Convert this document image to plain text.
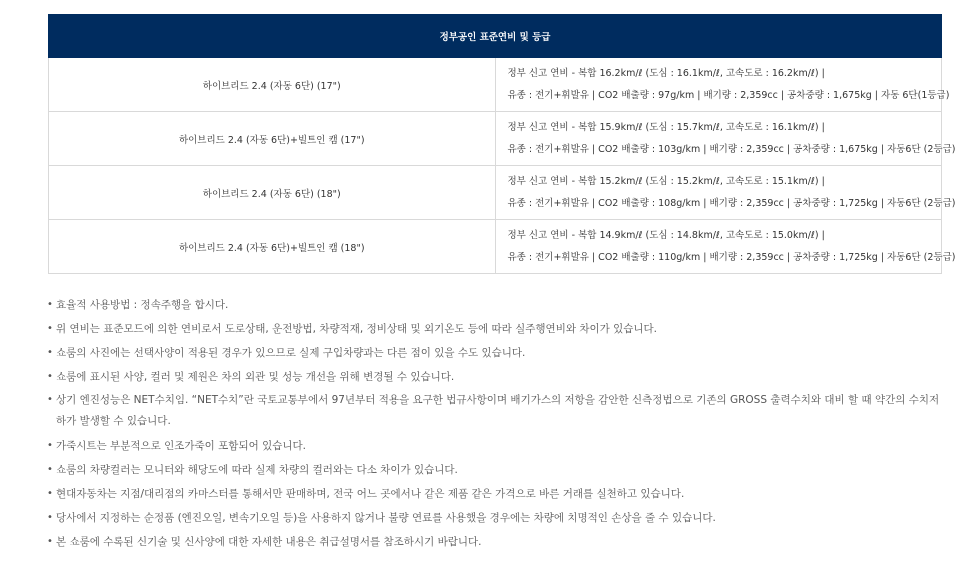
정부공인 표준연비 및 등급	
하이브리드 2.4 (자동 6단) (17")	정부 신고 연비 - 복합 16.2km/ℓ (도심 : 16.1km/ℓ, 고속도로 : 16.2km/ℓ) |
유종 : 전기+휘발유 | CO2 배출량 : 97g/km | 배기량 : 2,359cc | 공차중량 : 1,675kg | 자동 6단(1등급)

하이브리드 2.4 (자동 6단)+빌트인 캠 (17")	정부 신고 연비 - 복합 15.9km/ℓ (도심 : 15.7km/ℓ, 고속도로 : 16.1km/ℓ) |
유종 : 전기+휘발유 | CO2 배출량 : 103g/km | 배기량 : 2,359cc | 공차중량 : 1,675kg | 자동6단 (2등급)

하이브리드 2.4 (자동 6단) (18")	정부 신고 연비 - 복합 15.2km/ℓ (도심 : 15.2km/ℓ, 고속도로 : 15.1km/ℓ) |
유종 : 전기+휘발유 | CO2 배출량 : 108g/km | 배기량 : 2,359cc | 공차중량 : 1,725kg | 자동6단 (2등급)

하이브리드 2.4 (자동 6단)+빌트인 캠 (18")	정부 신고 연비 - 복합 14.9km/ℓ (도심 : 14.8km/ℓ, 고속도로 : 15.0km/ℓ) |
유종 : 전기+휘발유 | CO2 배출량 : 110g/km | 배기량 : 2,359cc | 공차중량 : 1,725kg | 자동6단 (2등급)
• 효율적 사용방법 : 정속주행을 합시다.
• 위 연비는 표준모드에 의한 연비로서 도로상태, 운전방법, 차량적재, 정비상태 및 외기온도 등에 따라 실주행연비와 차이가 있습니다.
• 쇼룸의 사진에는 선택사양이 적용된 경우가 있으므로 실제 구입차량과는 다른 점이 있을 수도 있습니다.
• 쇼룸에 표시된 사양, 컬러 및 제원은 차의 외관 및 성능 개선을 위해 변경될 수 있습니다.
• 상기 엔진성능은 NET수치임. “NET수치”란 국토교통부에서 97년부터 적용을 요구한 법규사항이며 배기가스의 저항을 감안한 신측정법으로 기존의 GROSS 출력수치와 대비 할 때 약간의 수치저하가 발생할 수 있습니다.
• 가죽시트는 부분적으로 인조가죽이 포함되어 있습니다.
• 쇼룸의 차량컬러는 모니터와 해당도에 따라 실제 차량의 컬러와는 다소 차이가 있습니다.
• 현대자동차는 지점/대리점의 카마스터를 통해서만 판매하며, 전국 어느 곳에서나 같은 제품 같은 가격으로 바른 거래를 실천하고 있습니다.
• 당사에서 지정하는 순정품 (엔진오일, 변속기오일 등)을 사용하지 않거나 불량 연료를 사용했을 경우에는 차량에 치명적인 손상을 줄 수 있습니다.
• 본 쇼룸에 수록된 신기술 및 신사양에 대한 자세한 내용은 취급설명서를 참조하시기 바랍니다.
